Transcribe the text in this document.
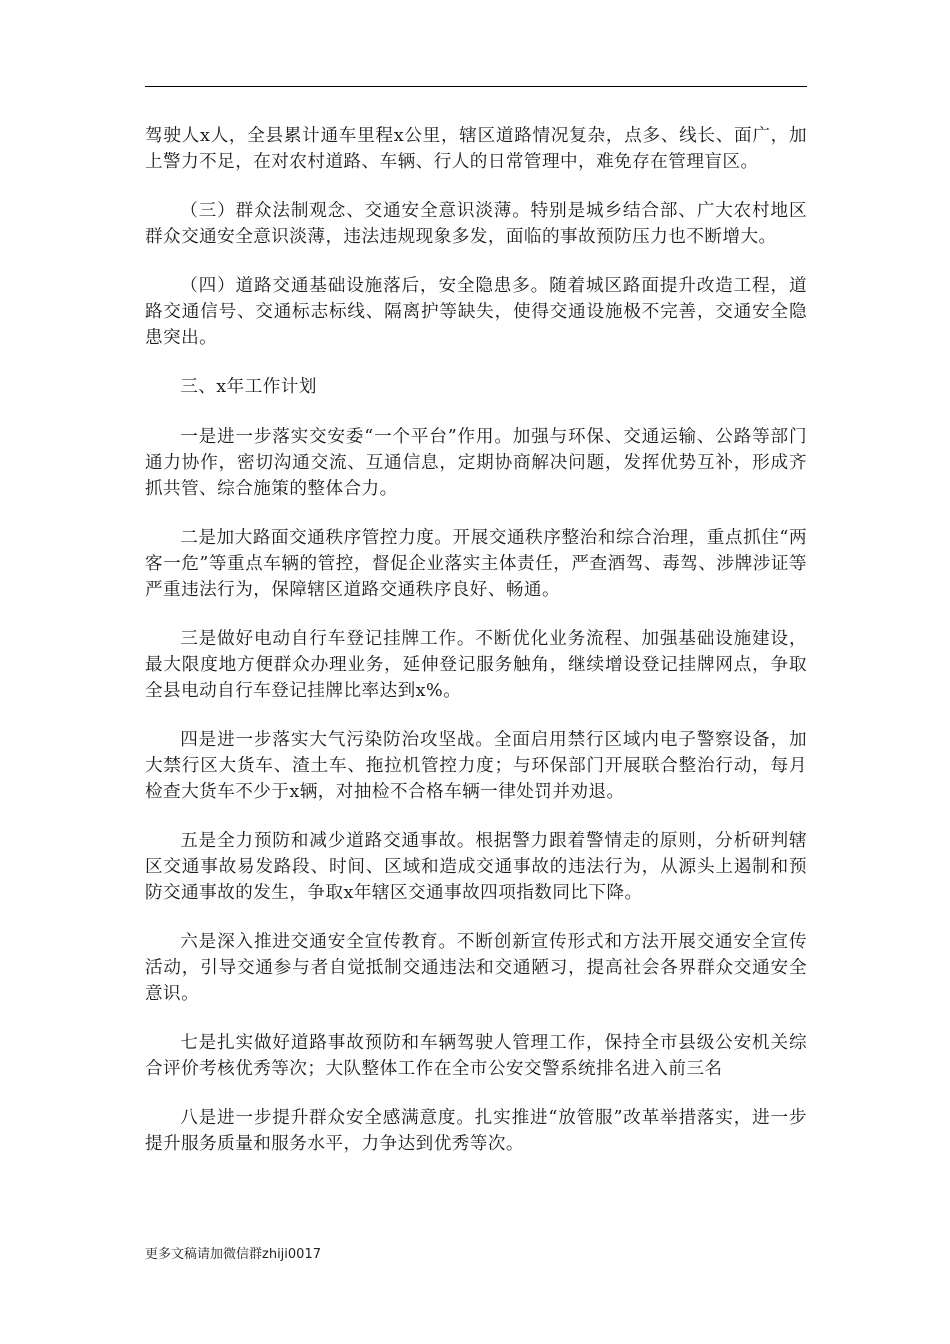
驾驶人x人，全县累计通车里程x公里，辖区道路情况复杂，点多、线长、面广，加上警力不足，在对农村道路、车辆、行人的日常管理中，难免存在管理盲区。

（三）群众法制观念、交通安全意识淡薄。特别是城乡结合部、广大农村地区群众交通安全意识淡薄，违法违规现象多发，面临的事故预防压力也不断增大。

（四）道路交通基础设施落后，安全隐患多。随着城区路面提升改造工程，道路交通信号、交通标志标线、隔离护等缺失，使得交通设施极不完善，交通安全隐患突出。

三、x年工作计划

一是进一步落实交安委“一个平台”作用。加强与环保、交通运输、公路等部门通力协作，密切沟通交流、互通信息，定期协商解决问题，发挥优势互补，形成齐抓共管、综合施策的整体合力。

二是加大路面交通秩序管控力度。开展交通秩序整治和综合治理，重点抓住“两客一危”等重点车辆的管控，督促企业落实主体责任，严查酒驾、毒驾、涉牌涉证等严重违法行为，保障辖区道路交通秩序良好、畅通。

三是做好电动自行车登记挂牌工作。不断优化业务流程、加强基础设施建设，最大限度地方便群众办理业务，延伸登记服务触角，继续增设登记挂牌网点，争取全县电动自行车登记挂牌比率达到x%。

四是进一步落实大气污染防治攻坚战。全面启用禁行区域内电子警察设备，加大禁行区大货车、渣土车、拖拉机管控力度；与环保部门开展联合整治行动，每月检查大货车不少于x辆，对抽检不合格车辆一律处罚并劝退。

五是全力预防和减少道路交通事故。根据警力跟着警情走的原则，分析研判辖区交通事故易发路段、时间、区域和造成交通事故的违法行为，从源头上遏制和预防交通事故的发生，争取x年辖区交通事故四项指数同比下降。

六是深入推进交通安全宣传教育。不断创新宣传形式和方法开展交通安全宣传活动，引导交通参与者自觉抵制交通违法和交通陋习，提高社会各界群众交通安全意识。

七是扎实做好道路事故预防和车辆驾驶人管理工作，保持全市县级公安机关综合评价考核优秀等次；大队整体工作在全市公安交警系统排名进入前三名

八是进一步提升群众安全感满意度。扎实推进“放管服”改革举措落实，进一步提升服务质量和服务水平，力争达到优秀等次。

更多文稿请加微信群zhiji0017
